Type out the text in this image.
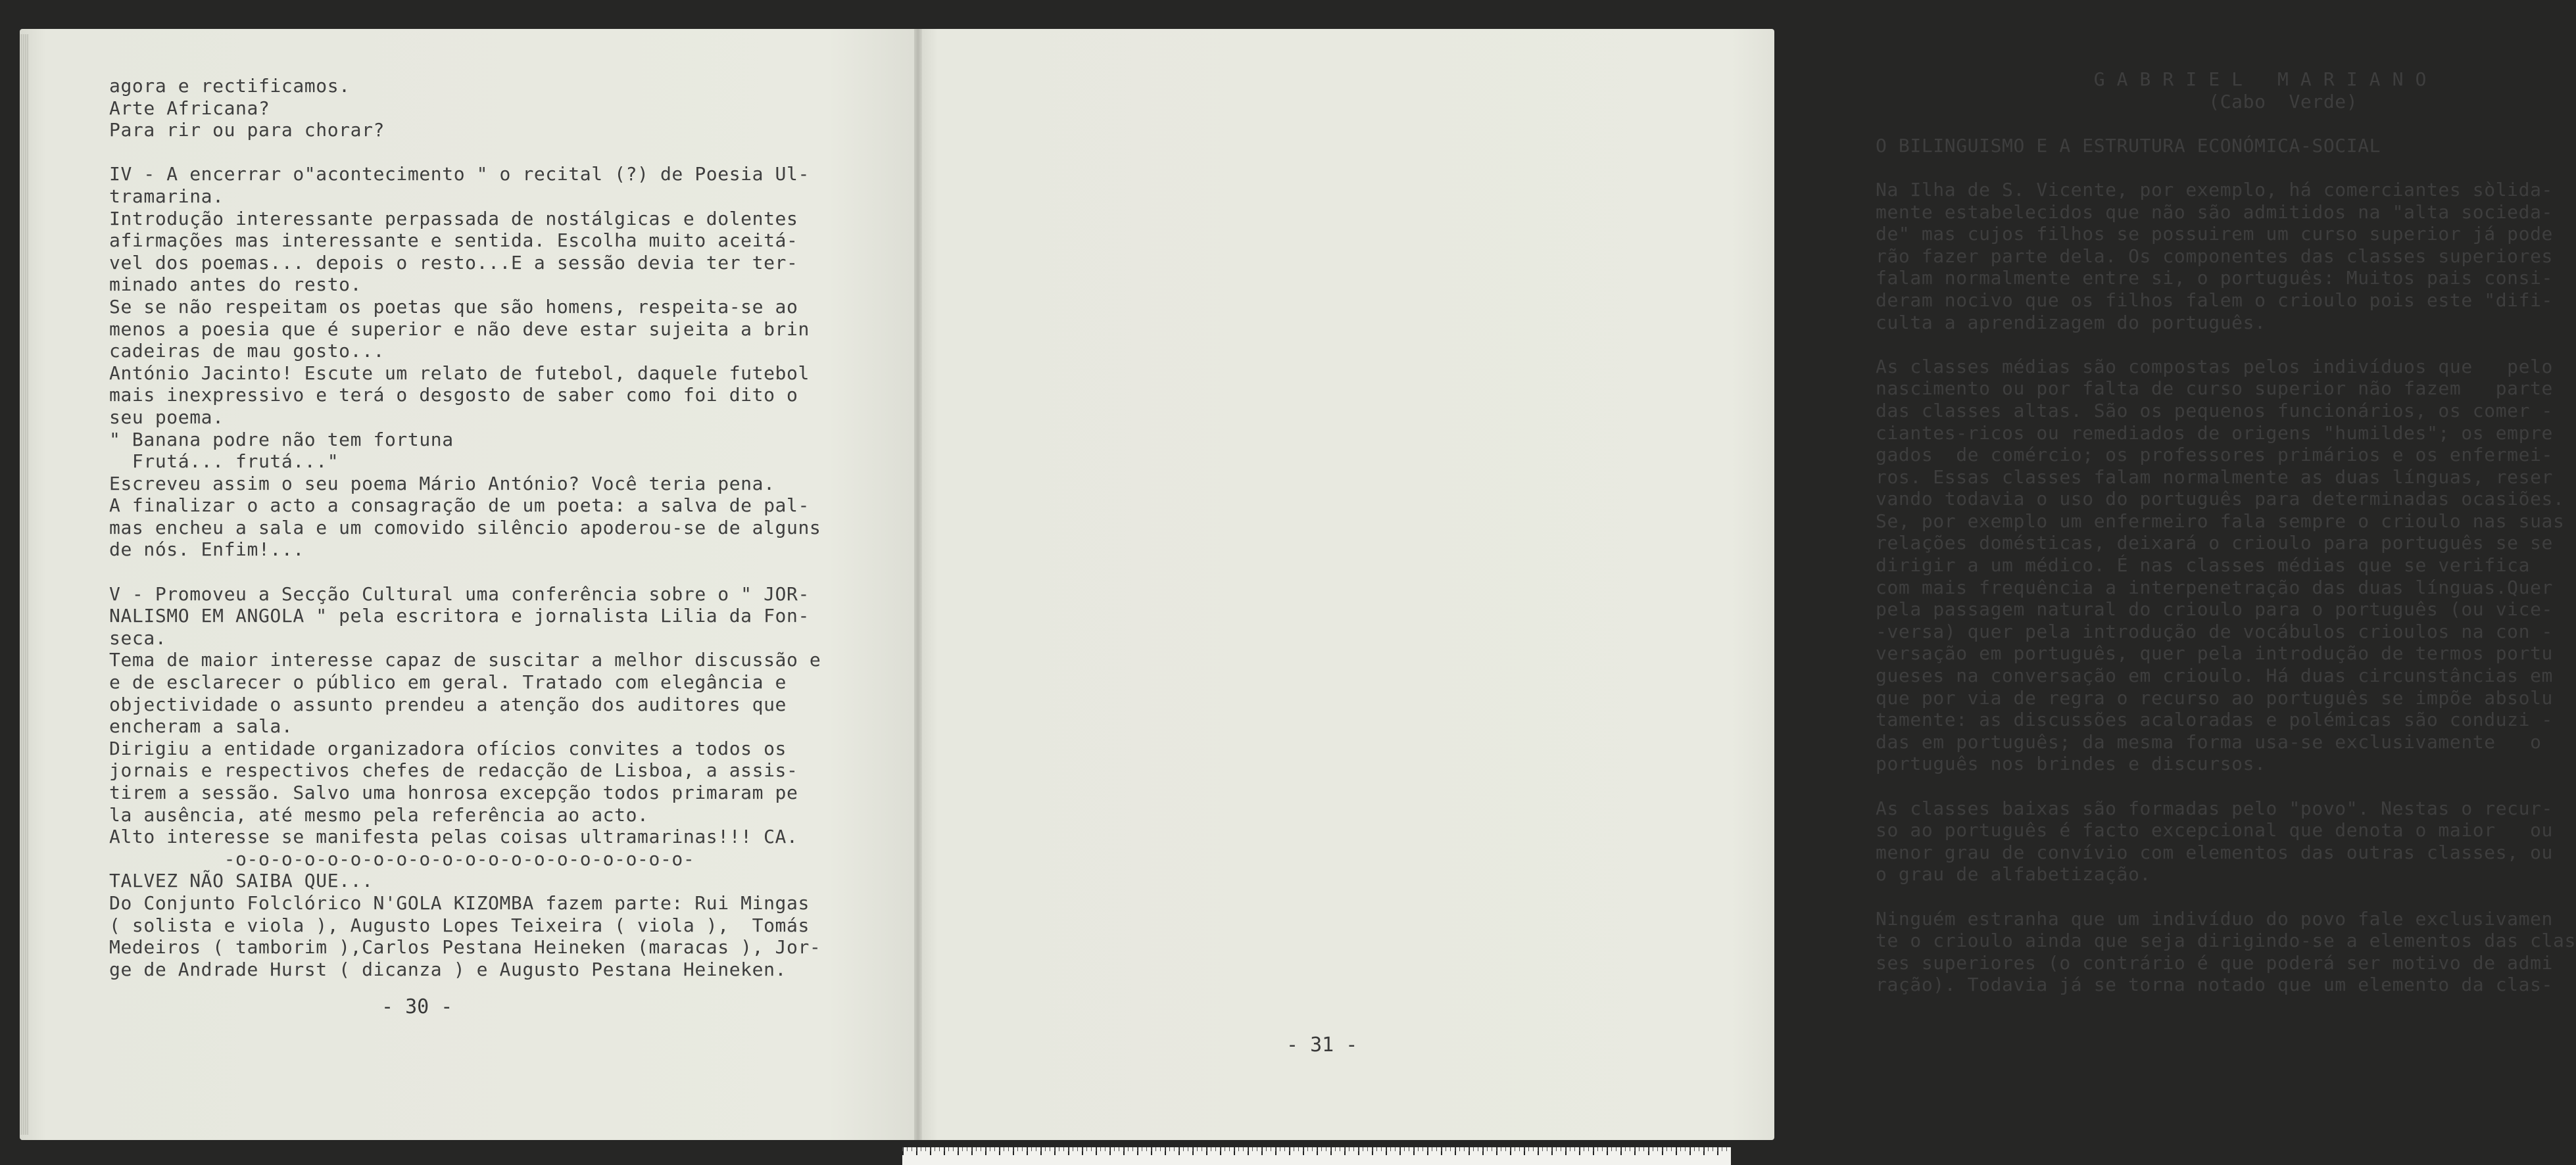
agora e rectificamos.
Arte Africana?
Para rir ou para chorar?
IV - A encerrar o"acontecimento " o recital (?) de Poesia Ul-
tramarina.
Introdução interessante perpassada de nostálgicas e dolentes
afirmações mas interessante e sentida. Escolha muito aceitá-
vel dos poemas... depois o resto...E a sessão devia ter ter-
minado antes do resto.
Se se não respeitam os poetas que são homens, respeita-se ao
menos a poesia que é superior e não deve estar sujeita a brin
cadeiras de mau gosto...
António Jacinto! Escute um relato de futebol, daquele futebol
mais inexpressivo e terá o desgosto de saber como foi dito o
seu poema.
" Banana podre não tem fortuna
Frutá... frutá..."
Escreveu assim o seu poema Mário António? Você teria pena.
A finalizar o acto a consagração de um poeta: a salva de pal-
mas encheu a sala e um comovido silêncio apoderou-se de alguns
de nós. Enfim!...
V - Promoveu a Secção Cultural uma conferência sobre o " JOR-
NALISMO EM ANGOLA " pela escritora e jornalista Lilia da Fon-
seca.
Tema de maior interesse capaz de suscitar a melhor discussão e
e de esclarecer o público em geral. Tratado com elegância e
objectividade o assunto prendeu a atenção dos auditores que
encheram a sala.
Dirigiu a entidade organizadora ofícios convites a todos os
jornais e respectivos chefes de redacção de Lisboa, a assis-
tirem a sessão. Salvo uma honrosa excepção todos primaram pe
la ausência, até mesmo pela referência ao acto.
Alto interesse se manifesta pelas coisas ultramarinas!!! CA.
-o-o-o-o-o-o-o-o-o-o-o-o-o-o-o-o-o-o-o-o-
TALVEZ NÃO SAIBA QUE...
Do Conjunto Folclórico N'GOLA KIZOMBA fazem parte: Rui Mingas
( solista e viola ), Augusto Lopes Teixeira ( viola ),  Tomás
Medeiros ( tamborim ),Carlos Pestana Heineken (maracas ), Jor-
ge de Andrade Hurst ( dicanza ) e Augusto Pestana Heineken.
- 30 -
G A B R I E L   M A R I A N O
(Cabo  Verde)
O BILINGUISMO E A ESTRUTURA ECONÓMICA-SOCIAL
Na Ilha de S. Vicente, por exemplo, há comerciantes sòlida-
mente estabelecidos que não são admitidos na "alta socieda-
de" mas cujos filhos se possuirem um curso superior já pode
rão fazer parte dela. Os componentes das classes superiores
falam normalmente entre si, o português: Muitos pais consi-
deram nocivo que os filhos falem o crioulo pois este "difi-
culta a aprendizagem do português.
As classes médias são compostas pelos indivíduos que   pelo
nascimento ou por falta de curso superior não fazem   parte
das classes altas. São os pequenos funcionários, os comer -
ciantes-ricos ou remediados de origens "humildes"; os empre
gados  de comércio; os professores primários e os enfermei-
ros. Essas classes falam normalmente as duas línguas, reser
vando todavia o uso do português para determinadas ocasiões.
Se, por exemplo um enfermeiro fala sempre o crioulo nas suas
relações domésticas, deixará o crioulo para português se se
dirigir a um médico. É nas classes médias que se verifica
com mais frequência a interpenetração das duas línguas.Quer
pela passagem natural do crioulo para o português (ou vice-
-versa) quer pela introdução de vocábulos crioulos na con -
versação em português, quer pela introdução de termos portu
gueses na conversação em crioulo. Há duas circunstâncias em
que por via de regra o recurso ao português se impõe absolu
tamente: as discussões acaloradas e polémicas são conduzi -
das em português; da mesma forma usa-se exclusivamente   o
português nos brindes e discursos.
As classes baixas são formadas pelo "povo". Nestas o recur-
so ao português é facto excepcional que denota o maior   ou
menor grau de convívio com elementos das outras classes, ou
o grau de alfabetização.
Ninguém estranha que um indivíduo do povo fale exclusivamen
te o crioulo ainda que seja dirigindo-se a elementos das clas
ses superiores (o contrário é que poderá ser motivo de admi
ração). Todavia já se torna notado que um elemento da clas-
- 31 -
